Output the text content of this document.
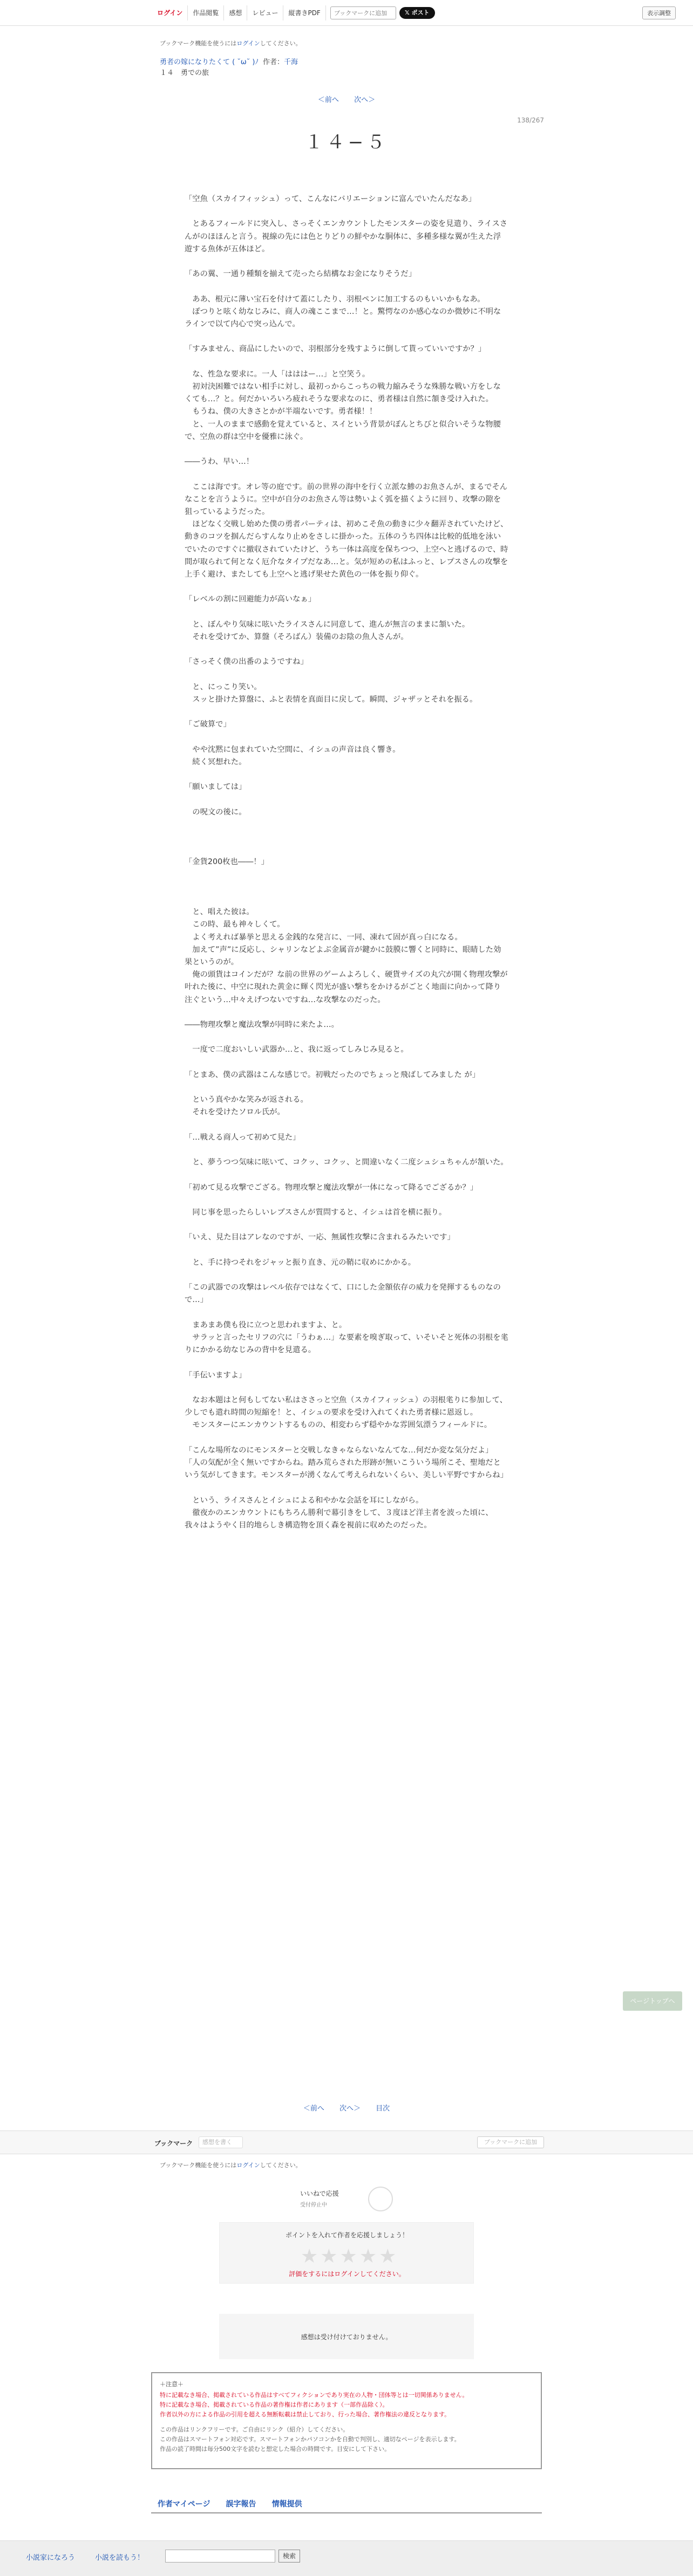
ログイン	作品閲覧	感想	レビュー	縦書きPDF
ブックマークに追加	𝕏 ポスト	表示調整
ブックマーク機能を使うにはログインしてください。
勇者の嫁になりたくて ( ˘ω˘ )ﾉ 作者：千海
１４　勇での旅
＜前へ 次へ＞
138/267
１４−５

「空魚（スカイフィッシュ）って、こんなにバリエーションに富んでいたんだなあ」

　とあるフィールドに突入し、さっそくエンカウントしたモンスターの姿を見遣り、ライスさんがのほほんと言う。視線の先には色とりどりの鮮やかな胴体に、多種多様な翼が生えた浮遊する魚体が五体ほど。

「あの翼、一通り種類を揃えて売ったら結構なお金になりそうだ」

　ああ、根元に薄い宝石を付けて蓋にしたり、羽根ペンに加工するのもいいかもなあ。

　ぽつりと呟く幼なじみに、商人の魂ここまで…！と。驚愕なのか感心なのか微妙に不明なラインで以て内心で突っ込んで。

「すみません、商品にしたいので、羽根部分を残すように倒して貰っていいですか？」

　な、性急な要求に。一人「はははー…」と空笑う。

　初対決困難ではない相手に対し、最初っからこっちの戦力縮みそうな殊勝な戦い方をしなくても…？と。何だかいろいろ疲れそうな要求なのに、勇者様は自然に頷き受け入れた。

　もうね、僕の大きさとかが半端ないです。勇者様！！

　と、一人のままで感動を覚えていると、スイという背景がぽんとちびと似合いそうな物腰で、空魚の群は空中を優雅に泳ぐ。

――うわ、早い…！

　ここは海です。オレ等の庭です。前の世界の海中を行く立派な鯵のお魚さんが、まるでそんなことを言うように。空中が自分のお魚さん等は勢いよく弧を描くように回り、攻撃の隙を狙っているようだった。

　ほどなく交戦し始めた僕の勇者パーティは、初めこそ魚の動きに少々翻弄されていたけど、動きのコツを掴んだらすんなり止めをさしに掛かった。五体のうち四体は比較的低地を泳いでいたのですぐに撤収されていたけど、うち一体は高度を保ちつつ、上空へと逃げるので、時間が取られて何となく厄介なタイプだなあ…と。気が短めの私はふっと、レプスさんの攻撃を上手く避け、またしても上空へと逃げ果せた黄色の一体を振り仰ぐ。

「レベルの割に回避能力が高いなぁ」

　と、ぼんやり気味に呟いたライスさんに同意して、進んが無言のままに頷いた。

　それを受けてか、算盤（そろばん）装備のお陰の魚人さんが。

「さっそく僕の出番のようですね」

　と、にっこり笑い。

　スッと掛けた算盤に、ふと表情を真面目に戻して。瞬間、ジャザッとそれを振る。

「ご破算で」

　やや沈黙に包まれていた空間に、イシュの声音は良く響き。

　続く冥想れた。

「願いましては」

　の呪文の後に。

「金貨200枚也――！」

　と、唱えた彼は。

　この時、最も神々しくて。

　よく考えれば暴挙と思える金銭的な発言に、一同、凍れて固が真っ白になる。

　加えて”声”に反応し、シャリンなどよぶ金属音が鍵かに鼓膜に響くと同時に、眼睛した効果というのが。

　俺の頭貨はコインだが？な前の世界のゲームよろしく、硬貨サイズの丸穴が開く物理攻撃が叶れた後に、中空に現れた黄金に輝く閃光が盛い撃ちをかけるがごとく地面に向かって降り注ぐという…中々えげつないですね…な攻撃なのだった。

――物理攻撃と魔法攻撃が同時に来たよ…。

　一度で二度おいしい武器か…と、我に返ってしみじみ見ると。

「とまあ、僕の武器はこんな感じで。初戦だったのでちょっと飛ばしてみました が」

　という真やかな笑みが返される。

　それを受けたソロル氏が。

「…戦える商人って初めて見た」

　と、夢うつつ気味に呟いて、コクッ、コクッ、と間違いなく二度シュシュちゃんが頷いた。

「初めて見る攻撃でござる。物理攻撃と魔法攻撃が一体になって降るでござるか？」

　同じ事を思ったらしいレプスさんが質問すると、イシュは首を横に振り。

「いえ、見た目はアレなのですが、一応、無属性攻撃に含まれるみたいです」

　と、手に持つそれをジャッと振り直き、元の鞘に収めにかかる。

「この武器での攻撃はレベル依存ではなくて、口にした金額依存の威力を発揮するものなので…」

　まあまあ僕も役に立つと思われますよ、と。

　サラッと言ったセリフの穴に「うわぁ…」な要素を嗅ぎ取って、いそいそと死体の羽根を毟りにかかる幼なじみの背中を見遣る。

「手伝いますよ」

　なお本題はと何もしてない私はささっと空魚（スカイフィッシュ）の羽根毟りに参加して、少しでも遣れ時間の短縮を！と、イシュの要求を受け入れてくれた勇者様に恩返し。

　モンスターにエンカウントするものの、相変わらず穏やかな雰囲気漂うフィールドに。

「こんな場所なのにモンスターと交戦しなきゃならないなんてな…何だか変な気分だよ」

「人の気配が全く無いですからね。踏み荒らされた形跡が無いこういう場所こそ、聖地だという気がしてきます。モンスターが湧くなんて考えられないくらい、美しい平野ですからね」

　という、ライスさんとイシュによる和やかな会話を耳にしながら。

　徹夜かのエンカウントにもちろん勝利で幕引きをして、３度ほど洋主者を波った頃に、我々はようやく目的地らしき構造物を頂く森を視前に収めたのだった。

＜前へ 次へ＞ 目次
ページトップへ
ブックマーク	感想を書く	ブックマークに追加
ブックマーク機能を使うにはログインしてください。
いいねで応援
受付停止中
ポイントを入れて作者を応援しましょう！
★★★★★
評価をするにはログインしてください。

感想は受け付けておりません。

＋注意＋
特に記載なき場合、掲載されている作品はすべてフィクションであり実在の人物・団体等とは一切関係ありません。
特に記載なき場合、掲載されている作品の著作権は作者にあります（一部作品除く）。
作者以外の方による作品の引用を超える無断転載は禁止しており、行った場合、著作権法の違反となります。
この作品はリンクフリーです。ご自由にリンク（紹介）してください。
この作品はスマートフォン対応です。スマートフォンかパソコンかを自動で判別し、適切なページを表示します。
作品の読了時間は毎分500文字を読むと想定した場合の時間です。目安にして下さい。
作者マイページ 誤字報告 情報提供
小説家になろう	小説を読もう！	検索
